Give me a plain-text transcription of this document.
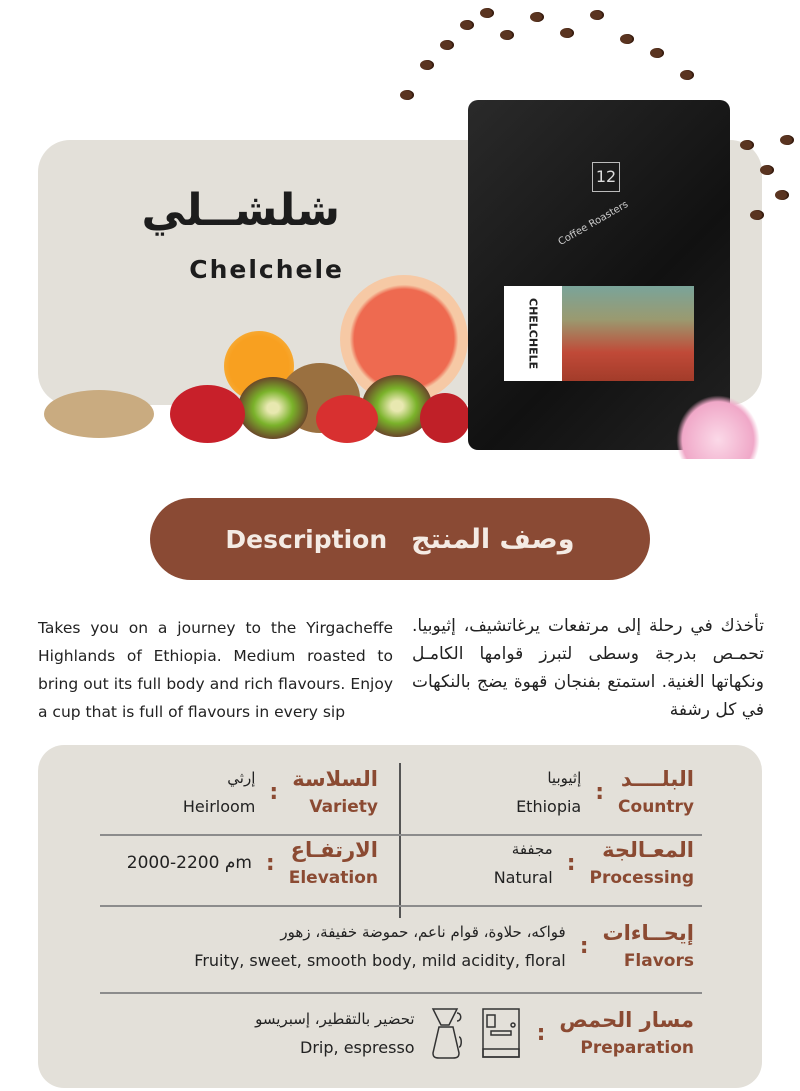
شلشــلي
Chelchele
12
Coffee Roasters
CHELCHELE
Description وصف المنتج
Takes you on a journey to the Yirgacheffe Highlands of Ethiopia. Medium roasted to bring out its full body and rich flavours. Enjoy a cup that is full of flavours in every sip
تأخذك في رحلة إلى مرتفعات يرغاتشيف، إثيوبيا. تحمـص بدرجة وسطى لتبرز قوامها الكامـل ونكهاتها الغنية. استمتع بفنجان قهوة يضج بالنكهات في كل رشفة
البلــــد
Country
:
إثيوبيا
Ethiopia
السلاسة
Variety
:
إرثي
Heirloom
المعـالجة
Processing
:
مجففة
Natural
الارتفـاع
Elevation
:
2000-2200 مm
إيحــاءات
Flavors
:
فواكه، حلاوة، قوام ناعم، حموضة خفيفة، زهور
Fruity, sweet, smooth body, mild acidity, floral
مسار الحمص
Preparation
:
تحضير بالتقطير، إسبريسو
Drip, espresso
